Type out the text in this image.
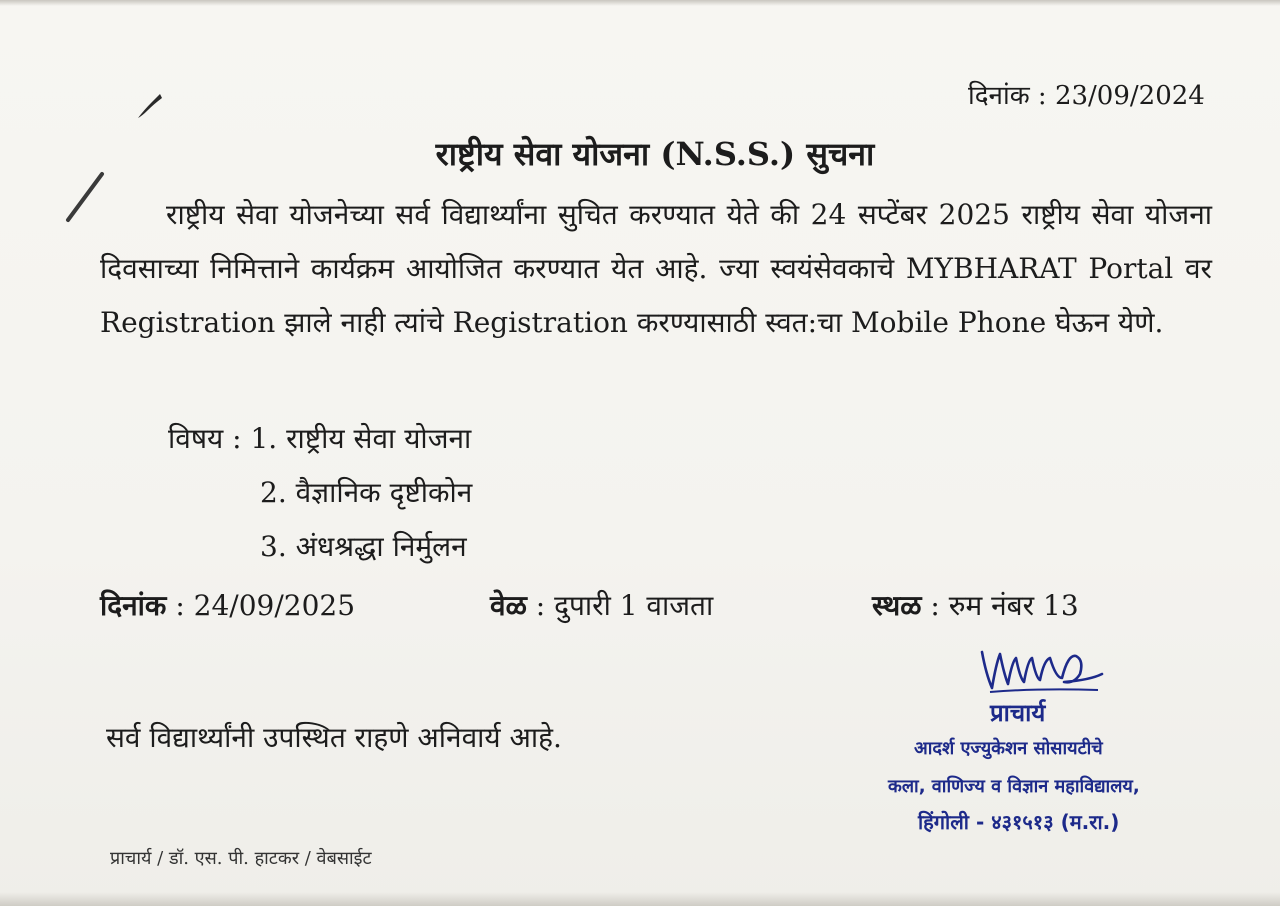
दिनांक : 23/09/2024
राष्ट्रीय सेवा योजना (N.S.S.) सुचना
राष्ट्रीय सेवा योजनेच्या सर्व विद्यार्थ्यांना सुचित करण्यात येते की 24 सप्टेंबर 2025 राष्ट्रीय सेवा योजना दिवसाच्या निमित्ताने कार्यक्रम आयोजित करण्यात येत आहे. ज्या स्वयंसेवकाचे MYBHARAT Portal वर Registration झाले नाही त्यांचे Registration करण्यासाठी स्वत:चा Mobile Phone घेऊन येणे.
विषय : 1. राष्ट्रीय सेवा योजना
2. वैज्ञानिक दृष्टीकोन
3. अंधश्रद्धा निर्मुलन
दिनांक : 24/09/2025	वेळ : दुपारी 1 वाजता	स्थळ : रुम नंबर 13
सर्व विद्यार्थ्यांनी उपस्थित राहणे अनिवार्य आहे.
प्राचार्य / डॉ. एस. पी. हाटकर / वेबसाईट
प्राचार्य
आदर्श एज्युकेशन सोसायटीचे
कला, वाणिज्य व विज्ञान महाविद्यालय,
हिंगोली - ४३१५१३ (म.रा.)
